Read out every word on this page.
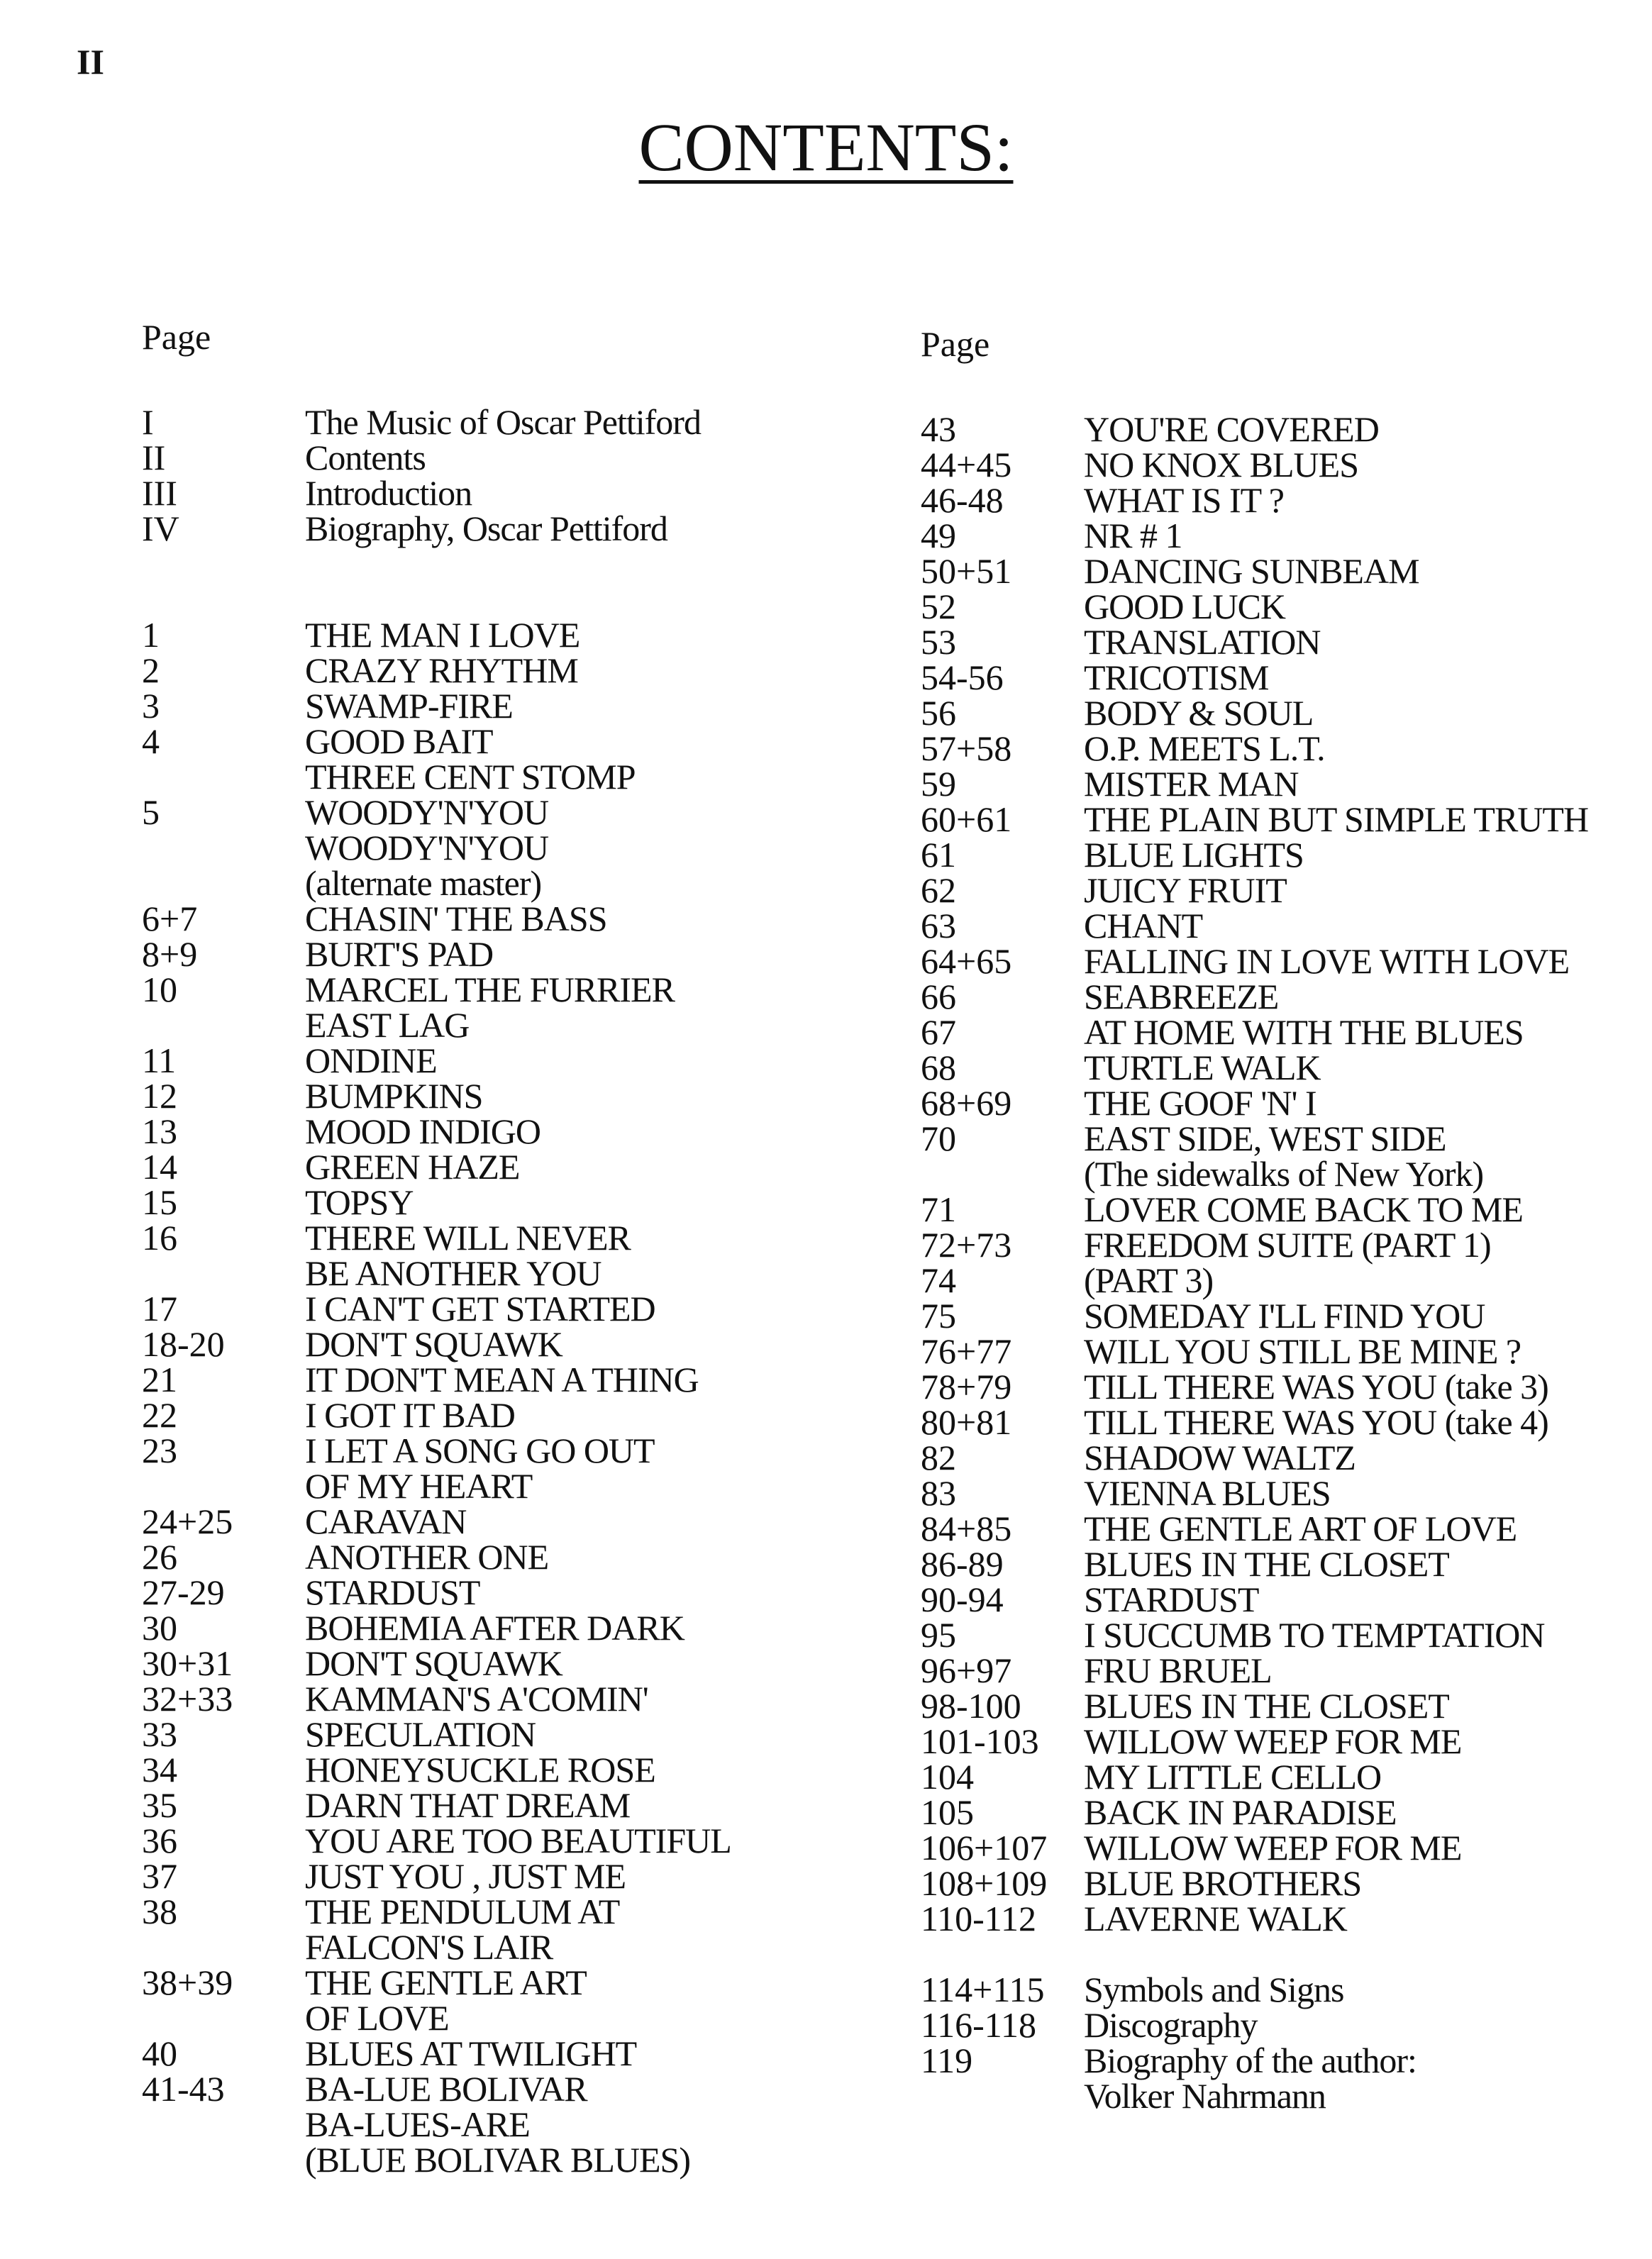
II
CONTENTS:
Page
I	The Music of Oscar Pettiford
II	Contents
III	Introduction
IV	Biography, Oscar Pettiford
1	THE MAN I LOVE
2	CRAZY RHYTHM
3	SWAMP-FIRE
4	GOOD BAIT
THREE CENT STOMP
5	WOODY'N'YOU
WOODY'N'YOU
(alternate master)
6+7	CHASIN' THE BASS
8+9	BURT'S PAD
10	MARCEL THE FURRIER
EAST LAG
11	ONDINE
12	BUMPKINS
13	MOOD INDIGO
14	GREEN HAZE
15	TOPSY
16	THERE WILL NEVER
BE ANOTHER YOU
17	I CAN'T GET STARTED
18-20	DON'T SQUAWK
21	IT DON'T MEAN A THING
22	I GOT IT BAD
23	I LET A SONG GO OUT
OF MY HEART
24+25	CARAVAN
26	ANOTHER ONE
27-29	STARDUST
30	BOHEMIA AFTER DARK
30+31	DON'T SQUAWK
32+33	KAMMAN'S A'COMIN'
33	SPECULATION
34	HONEYSUCKLE ROSE
35	DARN THAT DREAM
36	YOU ARE TOO BEAUTIFUL
37	JUST YOU , JUST ME
38	THE PENDULUM AT
FALCON'S LAIR
38+39	THE GENTLE ART
OF LOVE
40	BLUES AT TWILIGHT
41-43	BA-LUE BOLIVAR
BA-LUES-ARE
(BLUE BOLIVAR BLUES)
Page
43	YOU'RE COVERED
44+45	NO KNOX BLUES
46-48	WHAT IS IT ?
49	NR # 1
50+51	DANCING SUNBEAM
52	GOOD LUCK
53	TRANSLATION
54-56	TRICOTISM
56	BODY & SOUL
57+58	O.P. MEETS L.T.
59	MISTER MAN
60+61	THE PLAIN BUT SIMPLE TRUTH
61	BLUE LIGHTS
62	JUICY FRUIT
63	CHANT
64+65	FALLING IN LOVE WITH LOVE
66	SEABREEZE
67	AT HOME WITH THE BLUES
68	TURTLE WALK
68+69	THE GOOF 'N' I
70	EAST SIDE, WEST SIDE
(The sidewalks of New York)
71	LOVER COME BACK TO ME
72+73	FREEDOM SUITE (PART 1)
74	(PART 3)
75	SOMEDAY I'LL FIND YOU
76+77	WILL YOU STILL BE MINE ?
78+79	TILL THERE WAS YOU (take 3)
80+81	TILL THERE WAS YOU (take 4)
82	SHADOW WALTZ
83	VIENNA BLUES
84+85	THE GENTLE ART OF LOVE
86-89	BLUES IN THE CLOSET
90-94	STARDUST
95	I SUCCUMB TO TEMPTATION
96+97	FRU BRUEL
98-100	BLUES IN THE CLOSET
101-103	WILLOW WEEP FOR ME
104	MY LITTLE CELLO
105	BACK IN PARADISE
106+107	WILLOW WEEP FOR ME
108+109	BLUE BROTHERS
110-112	LAVERNE WALK
114+115	Symbols and Signs
116-118	Discography
119	Biography of the author:
Volker Nahrmann
